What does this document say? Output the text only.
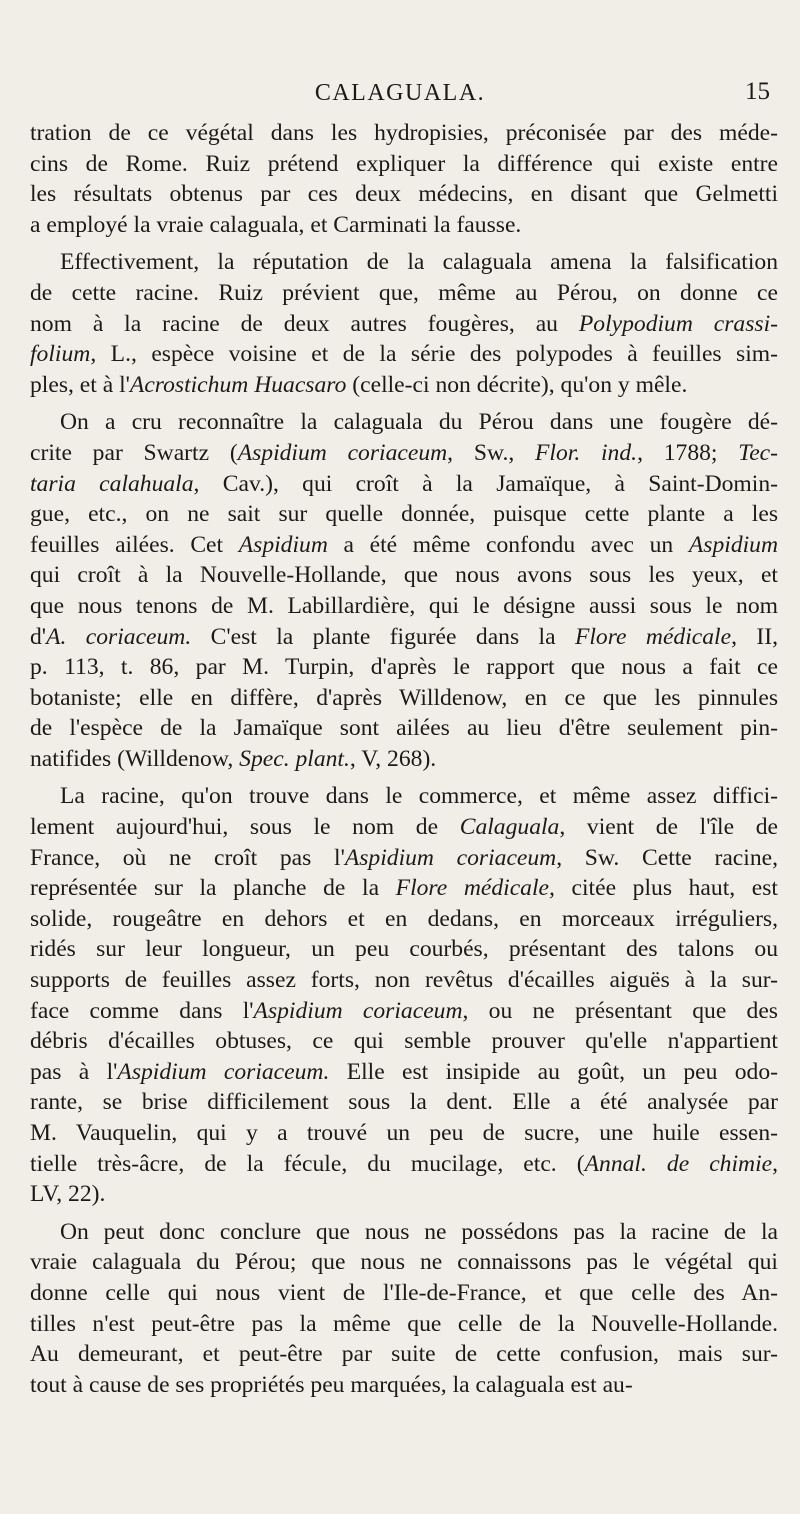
CALAGUALA.	15
tration de ce végétal dans les hydropisies, préconisée par des méde-
cins de Rome. Ruiz prétend expliquer la différence qui existe entre
les résultats obtenus par ces deux médecins, en disant que Gelmetti
a employé la vraie calaguala, et Carminati la fausse.
Effectivement, la réputation de la calaguala amena la falsification
de cette racine. Ruiz prévient que, même au Pérou, on donne ce
nom à la racine de deux autres fougères, au Polypodium crassi-
folium, L., espèce voisine et de la série des polypodes à feuilles sim-
ples, et à l'Acrostichum Huacsaro (celle-ci non décrite), qu'on y mêle.
On a cru reconnaître la calaguala du Pérou dans une fougère dé-
crite par Swartz (Aspidium coriaceum, Sw., Flor. ind., 1788; Tec-
taria calahuala, Cav.), qui croît à la Jamaïque, à Saint-Domin-
gue, etc., on ne sait sur quelle donnée, puisque cette plante a les
feuilles ailées. Cet Aspidium a été même confondu avec un Aspidium
qui croît à la Nouvelle-Hollande, que nous avons sous les yeux, et
que nous tenons de M. Labillardière, qui le désigne aussi sous le nom
d'A. coriaceum. C'est la plante figurée dans la Flore médicale, II,
p. 113, t. 86, par M. Turpin, d'après le rapport que nous a fait ce
botaniste; elle en diffère, d'après Willdenow, en ce que les pinnules
de l'espèce de la Jamaïque sont ailées au lieu d'être seulement pin-
natifides (Willdenow, Spec. plant., V, 268).
La racine, qu'on trouve dans le commerce, et même assez diffici-
lement aujourd'hui, sous le nom de Calaguala, vient de l'île de
France, où ne croît pas l'Aspidium coriaceum, Sw. Cette racine,
représentée sur la planche de la Flore médicale, citée plus haut, est
solide, rougeâtre en dehors et en dedans, en morceaux irréguliers,
ridés sur leur longueur, un peu courbés, présentant des talons ou
supports de feuilles assez forts, non revêtus d'écailles aiguës à la sur-
face comme dans l'Aspidium coriaceum, ou ne présentant que des
débris d'écailles obtuses, ce qui semble prouver qu'elle n'appartient
pas à l'Aspidium coriaceum. Elle est insipide au goût, un peu odo-
rante, se brise difficilement sous la dent. Elle a été analysée par
M. Vauquelin, qui y a trouvé un peu de sucre, une huile essen-
tielle très-âcre, de la fécule, du mucilage, etc. (Annal. de chimie,
LV, 22).
On peut donc conclure que nous ne possédons pas la racine de la
vraie calaguala du Pérou; que nous ne connaissons pas le végétal qui
donne celle qui nous vient de l'Ile-de-France, et que celle des An-
tilles n'est peut-être pas la même que celle de la Nouvelle-Hollande.
Au demeurant, et peut-être par suite de cette confusion, mais sur-
tout à cause de ses propriétés peu marquées, la calaguala est au-
